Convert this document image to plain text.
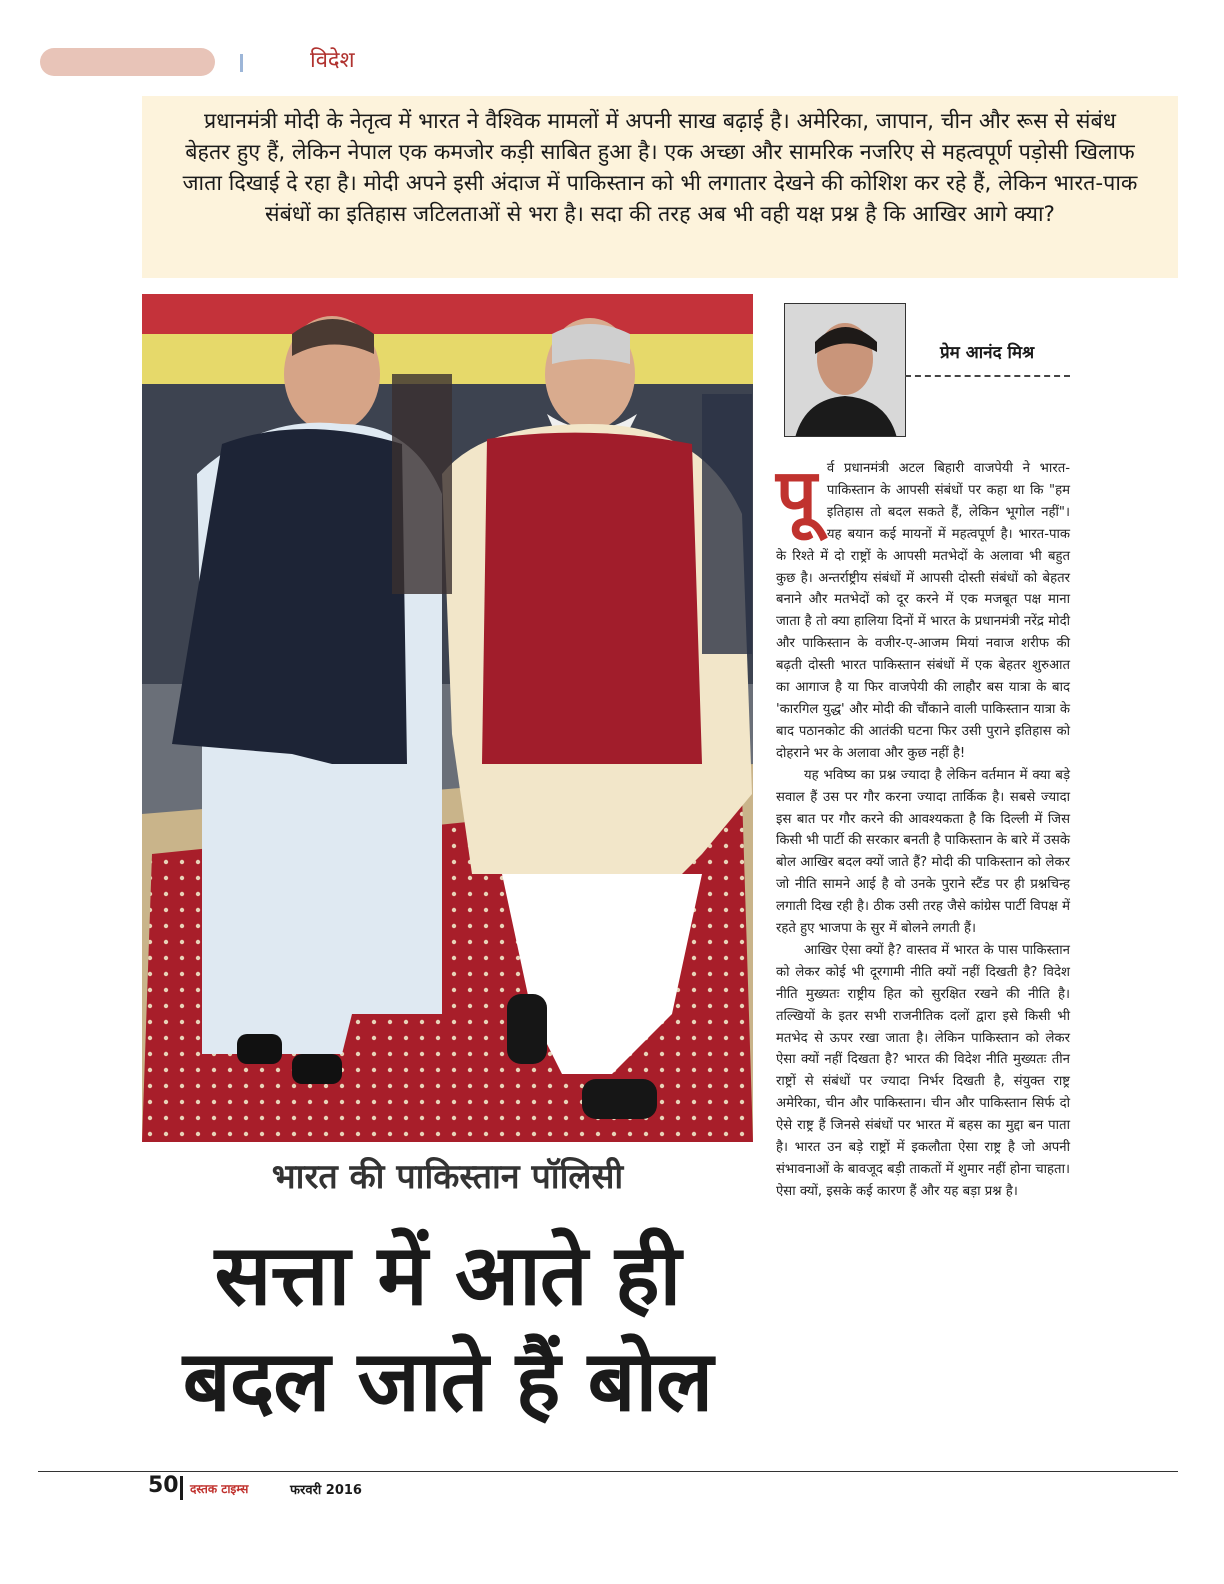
विदेश
प्रधानमंत्री मोदी के नेतृत्व में भारत ने वैश्विक मामलों में अपनी साख बढ़ाई है। अमेरिका, जापान, चीन और रूस से संबंध बेहतर हुए हैं, लेकिन नेपाल एक कमजोर कड़ी साबित हुआ है। एक अच्छा और सामरिक नजरिए से महत्वपूर्ण पड़ोसी खिलाफ जाता दिखाई दे रहा है। मोदी अपने इसी अंदाज में पाकिस्तान को भी लगातार देखने की कोशिश कर रहे हैं, लेकिन भारत-पाक संबंधों का इतिहास जटिलताओं से भरा है। सदा की तरह अब भी वही यक्ष प्रश्न है कि आखिर आगे क्या?
प्रेम आनंद मिश्र
भारत की पाकिस्तान पॉलिसी
सत्ता में आते ही
बदल जाते हैं बोल
पू र्व प्रधानमंत्री अटल बिहारी वाजपेयी ने भारत-पाकिस्तान के आपसी संबंधों पर कहा था कि "हम इतिहास तो बदल सकते हैं, लेकिन भूगोल नहीं"। यह बयान कई मायनों में महत्वपूर्ण है। भारत-पाक के रिश्ते में दो राष्ट्रों के आपसी मतभेदों के अलावा भी बहुत कुछ है। अन्तर्राष्ट्रीय संबंधों में आपसी दोस्ती संबंधों को बेहतर बनाने और मतभेदों को दूर करने में एक मजबूत पक्ष माना जाता है तो क्या हालिया दिनों में भारत के प्रधानमंत्री नरेंद्र मोदी और पाकिस्तान के वजीर-ए-आजम मियां नवाज शरीफ की बढ़ती दोस्ती भारत पाकिस्तान संबंधों में एक बेहतर शुरुआत का आगाज है या फिर वाजपेयी की लाहौर बस यात्रा के बाद 'कारगिल युद्ध' और मोदी की चौंकाने वाली पाकिस्तान यात्रा के बाद पठानकोट की आतंकी घटना फिर उसी पुराने इतिहास को दोहराने भर के अलावा और कुछ नहीं है!

यह भविष्य का प्रश्न ज्यादा है लेकिन वर्तमान में क्या बड़े सवाल हैं उस पर गौर करना ज्यादा तार्किक है। सबसे ज्यादा इस बात पर गौर करने की आवश्यकता है कि दिल्ली में जिस किसी भी पार्टी की सरकार बनती है पाकिस्तान के बारे में उसके बोल आखिर बदल क्यों जाते हैं? मोदी की पाकिस्तान को लेकर जो नीति सामने आई है वो उनके पुराने स्टैंड पर ही प्रश्नचिन्ह लगाती दिख रही है। ठीक उसी तरह जैसे कांग्रेस पार्टी विपक्ष में रहते हुए भाजपा के सुर में बोलने लगती हैं।

आखिर ऐसा क्यों है? वास्तव में भारत के पास पाकिस्तान को लेकर कोई भी दूरगामी नीति क्यों नहीं दिखती है? विदेश नीति मुख्यतः राष्ट्रीय हित को सुरक्षित रखने की नीति है। तल्खियों के इतर सभी राजनीतिक दलों द्वारा इसे किसी भी मतभेद से ऊपर रखा जाता है। लेकिन पाकिस्तान को लेकर ऐसा क्यों नहीं दिखता है? भारत की विदेश नीति मुख्यतः तीन राष्ट्रों से संबंधों पर ज्यादा निर्भर दिखती है, संयुक्त राष्ट्र अमेरिका, चीन और पाकिस्तान। चीन और पाकिस्तान सिर्फ दो ऐसे राष्ट्र हैं जिनसे संबंधों पर भारत में बहस का मुद्दा बन पाता है। भारत उन बड़े राष्ट्रों में इकलौता ऐसा राष्ट्र है जो अपनी संभावनाओं के बावजूद बड़ी ताकतों में शुमार नहीं होना चाहता। ऐसा क्यों, इसके कई कारण हैं और यह बड़ा प्रश्न है।

50 दस्तक टाइम्स	फरवरी 2016
